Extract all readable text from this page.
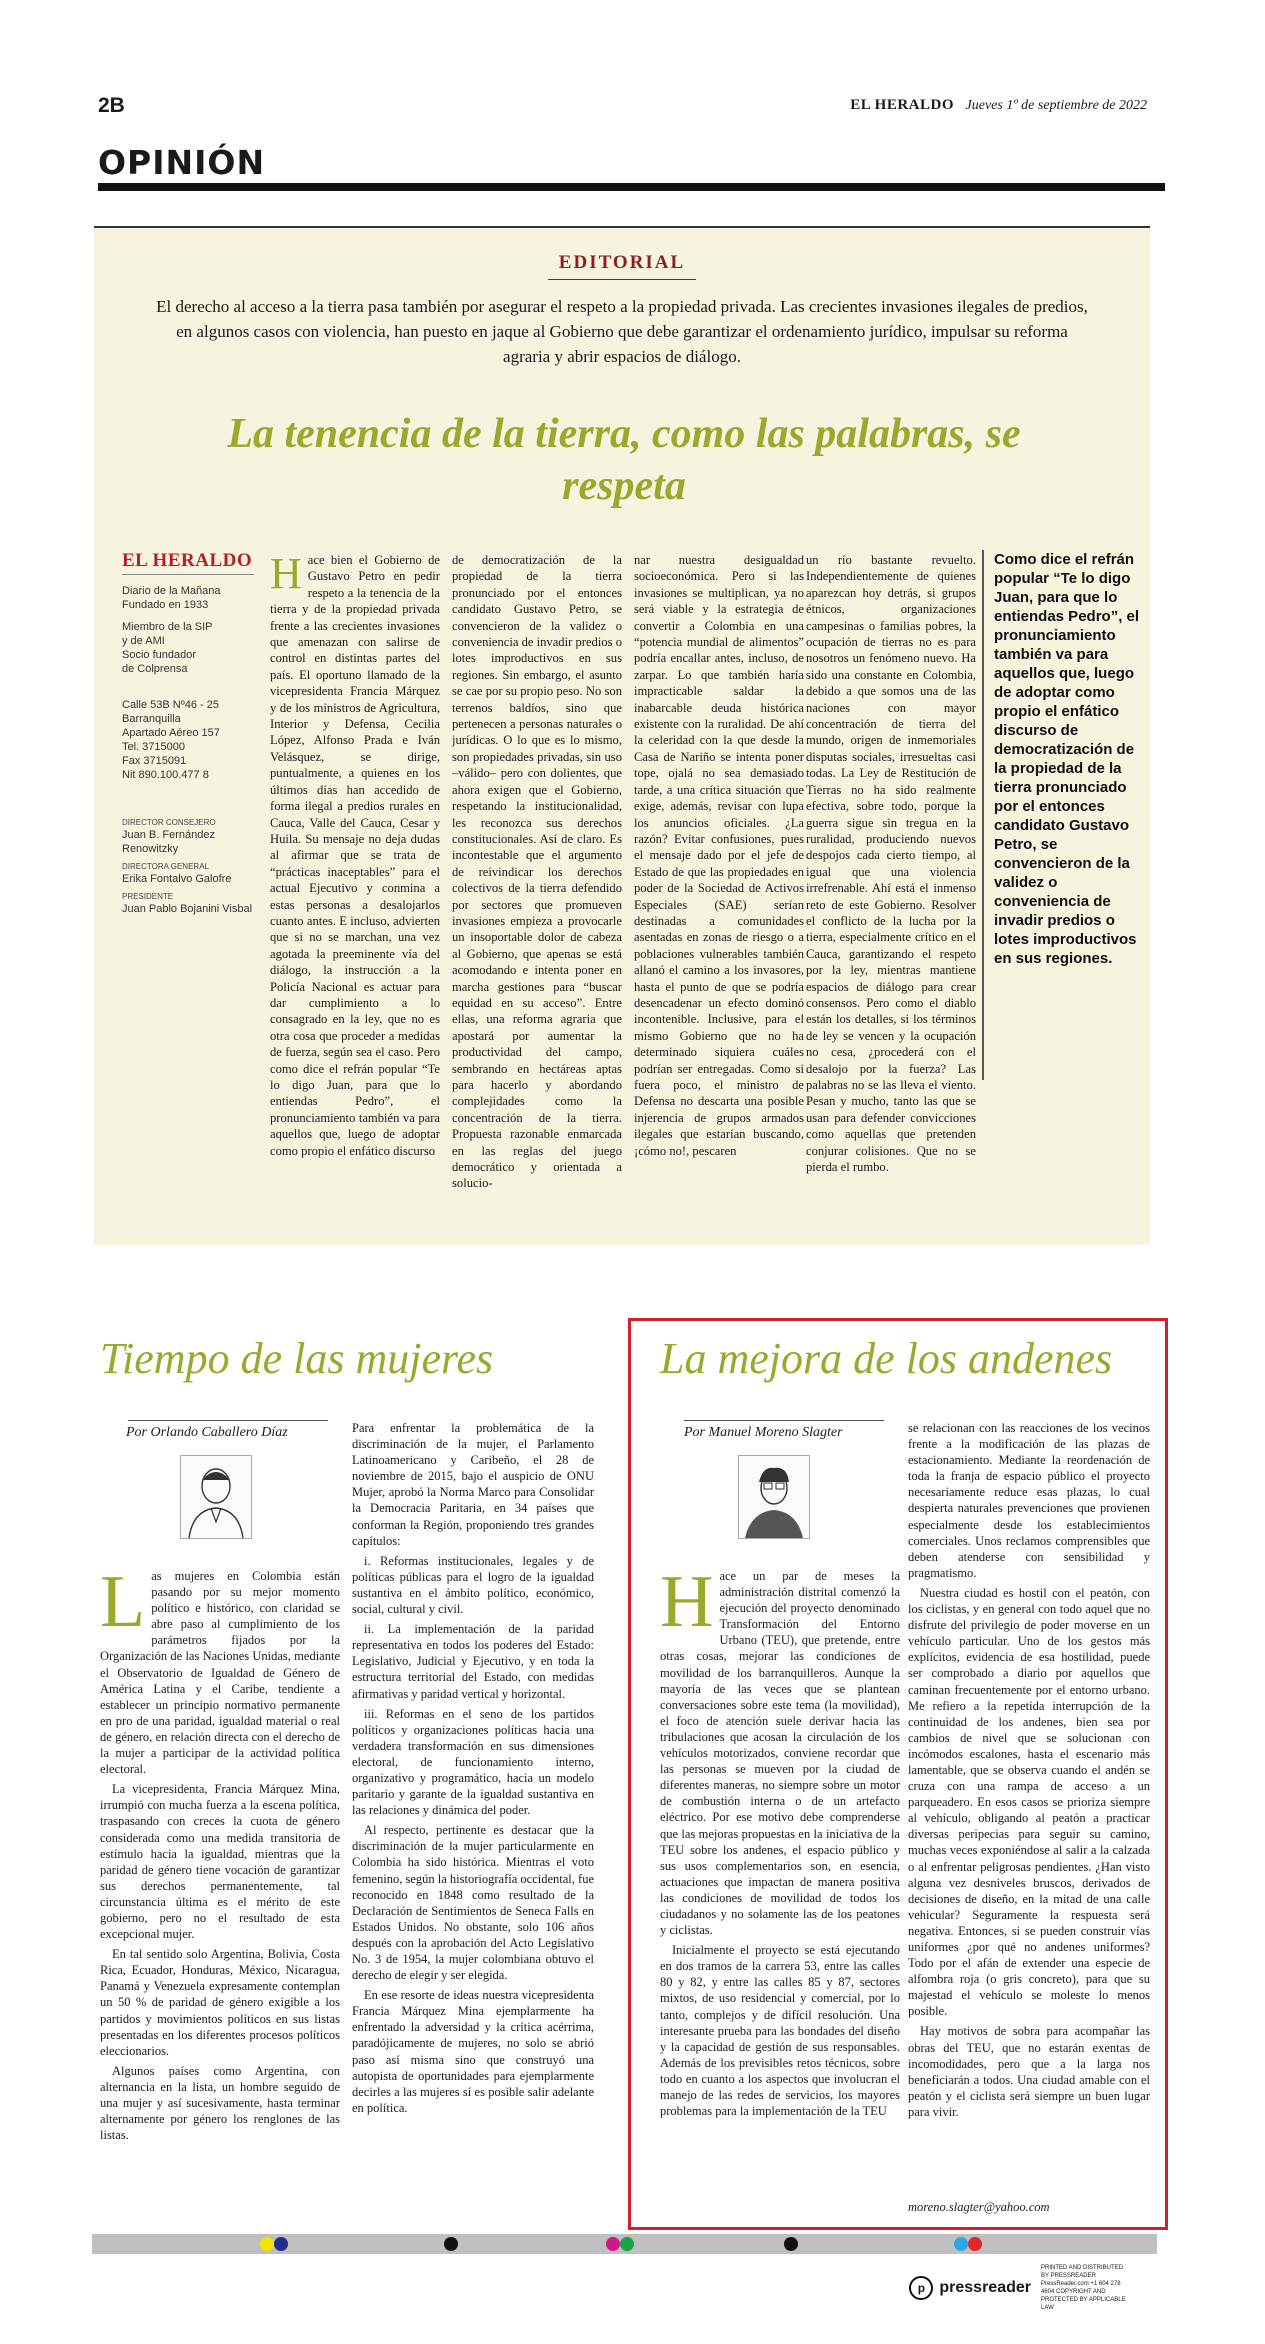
2B	EL HERALDO Jueves 1º de septiembre de 2022
OPINIÓN
EDITORIAL
El derecho al acceso a la tierra pasa también por asegurar el respeto a la propiedad privada. Las crecientes invasiones ilegales de predios, en algunos casos con violencia, han puesto en jaque al Gobierno que debe garantizar el ordenamiento jurídico, impulsar su reforma agraria y abrir espacios de diálogo.
La tenencia de la tierra, como las palabras, se respeta
EL HERALDO
Diario de la Mañana
Fundado en 1933
Miembro de la SIP
y de AMI
Socio fundador
de Colprensa
Calle 53B Nº46 - 25
Barranquilla
Apartado Aéreo 157
Tel. 3715000
Fax 3715091
Nit 890.100.477 8
DIRECTOR CONSEJERO
Juan B. Fernández Renowitzky
DIRECTORA GENERAL
Erika Fontalvo Galofre
PRESIDENTE
Juan Pablo Bojanini Visbal

Hace bien el Gobierno de Gustavo Petro en pedir respeto a la tenencia de la tierra y de la propiedad privada frente a las crecientes invasiones que amenazan con salirse de control en distintas partes del país. El oportuno llamado de la vicepresidenta Francia Márquez y de los ministros de Agricultura, Interior y Defensa, Cecilia López, Alfonso Prada e Iván Velásquez, se dirige, puntualmente, a quienes en los últimos días han accedido de forma ilegal a predios rurales en Cauca, Valle del Cauca, Cesar y Huila. Su mensaje no deja dudas al afirmar que se trata de “prácticas inaceptables” para el actual Ejecutivo y conmina a estas personas a desalojarlos cuanto antes. E incluso, advierten que si no se marchan, una vez agotada la preeminente vía del diálogo, la instrucción a la Policía Nacional es actuar para dar cumplimiento a lo consagrado en la ley, que no es otra cosa que proceder a medidas de fuerza, según sea el caso. Pero como dice el refrán popular “Te lo digo Juan, para que lo entiendas Pedro”, el pronunciamiento también va para aquellos que, luego de adoptar como propio el enfático discurso

de democratización de la propiedad de la tierra pronunciado por el entonces candidato Gustavo Petro, se convencieron de la validez o conveniencia de invadir predios o lotes improductivos en sus regiones. Sin embargo, el asunto se cae por su propio peso. No son terrenos baldíos, sino que pertenecen a personas naturales o jurídicas. O lo que es lo mismo, son propiedades privadas, sin uso –válido– pero con dolientes, que ahora exigen que el Gobierno, respetando la institucionalidad, les reconozca sus derechos constitucionales. Así de claro. Es incontestable que el argumento de reivindicar los derechos colectivos de la tierra defendido por sectores que promueven invasiones empieza a provocarle un insoportable dolor de cabeza al Gobierno, que apenas se está acomodando e intenta poner en marcha gestiones para “buscar equidad en su acceso”. Entre ellas, una reforma agraria que apostará por aumentar la productividad del campo, sembrando en hectáreas aptas para hacerlo y abordando complejidades como la concentración de la tierra. Propuesta razonable enmarcada en las reglas del juego democrático y orientada a solucio-

nar nuestra desigualdad socioeconómica. Pero si las invasiones se multiplican, ya no será viable y la estrategia de convertir a Colombia en una “potencia mundial de alimentos” podría encallar antes, incluso, de zarpar. Lo que también haría impracticable saldar la inabarcable deuda histórica existente con la ruralidad. De ahí la celeridad con la que desde la Casa de Nariño se intenta poner tope, ojalá no sea demasiado tarde, a una crítica situación que exige, además, revisar con lupa los anuncios oficiales. ¿La razón? Evitar confusiones, pues el mensaje dado por el jefe de Estado de que las propiedades en poder de la Sociedad de Activos Especiales (SAE) serían destinadas a comunidades asentadas en zonas de riesgo o a poblaciones vulnerables también allanó el camino a los invasores, hasta el punto de que se podría desencadenar un efecto dominó incontenible. Inclusive, para el mismo Gobierno que no ha determinado siquiera cuáles podrían ser entregadas. Como si fuera poco, el ministro de Defensa no descarta una posible injerencia de grupos armados ilegales que estarían buscando, ¡cómo no!, pescaren

un río bastante revuelto. Independientemente de quienes aparezcan hoy detrás, si grupos étnicos, organizaciones campesinas o familias pobres, la ocupación de tierras no es para nosotros un fenómeno nuevo. Ha sido una constante en Colombia, debido a que somos una de las naciones con mayor concentración de tierra del mundo, origen de inmemoriales disputas sociales, irresueltas casi todas. La Ley de Restitución de Tierras no ha sido realmente efectiva, sobre todo, porque la guerra sigue sin tregua en la ruralidad, produciendo nuevos despojos cada cierto tiempo, al igual que una violencia irrefrenable. Ahí está el inmenso reto de este Gobierno. Resolver el conflicto de la lucha por la tierra, especialmente crítico en el Cauca, garantizando el respeto por la ley, mientras mantiene espacios de diálogo para crear consensos. Pero como el diablo están los detalles, si los términos de ley se vencen y la ocupación no cesa, ¿procederá con el desalojo por la fuerza? Las palabras no se las lleva el viento. Pesan y mucho, tanto las que se usan para defender convicciones como aquellas que pretenden conjurar colisiones. Que no se pierda el rumbo.

Como dice el refrán popular “Te lo digo Juan, para que lo entiendas Pedro”, el pronunciamiento también va para aquellos que, luego de adoptar como propio el enfático discurso de democratización de la propiedad de la tierra pronunciado por el entonces candidato Gustavo Petro, se convencieron de la validez o conveniencia de invadir predios o lotes improductivos en sus regiones.
Tiempo de las mujeres
Por Orlando Caballero Díaz

Las mujeres en Colombia están pasando por su mejor momento político e histórico, con claridad se abre paso al cumplimiento de los parámetros fijados por la Organización de las Naciones Unidas, mediante el Observatorio de Igualdad de Género de América Latina y el Caribe, tendiente a establecer un principio normativo permanente en pro de una paridad, igualdad material o real de género, en relación directa con el derecho de la mujer a participar de la actividad política electoral.

La vicepresidenta, Francia Márquez Mina, irrumpió con mucha fuerza a la escena política, traspasando con creces la cuota de género considerada como una medida transitoria de estímulo hacia la igualdad, mientras que la paridad de género tiene vocación de garantizar sus derechos permanentemente, tal circunstancia última es el mérito de este gobierno, pero no el resultado de esta excepcional mujer.

En tal sentido solo Argentina, Bolivia, Costa Rica, Ecuador, Honduras, México, Nicaragua, Panamá y Venezuela expresamente contemplan un 50 % de paridad de género exigible a los partidos y movimientos políticos en sus listas presentadas en los diferentes procesos políticos eleccionarios.

Algunos países como Argentina, con alternancia en la lista, un hombre seguido de una mujer y así sucesivamente, hasta terminar alternamente por género los renglones de las listas.

Para enfrentar la problemática de la discriminación de la mujer, el Parlamento Latinoamericano y Caribeño, el 28 de noviembre de 2015, bajo el auspicio de ONU Mujer, aprobó la Norma Marco para Consolidar la Democracia Paritaria, en 34 países que conforman la Región, proponiendo tres grandes capítulos:

i. Reformas institucionales, legales y de políticas públicas para el logro de la igualdad sustantiva en el ámbito político, económico, social, cultural y civil.

ii. La implementación de la paridad representativa en todos los poderes del Estado: Legislativo, Judicial y Ejecutivo, y en toda la estructura territorial del Estado, con medidas afirmativas y paridad vertical y horizontal.

iii. Reformas en el seno de los partidos políticos y organizaciones políticas hacia una verdadera transformación en sus dimensiones electoral, de funcionamiento interno, organizativo y programático, hacia un modelo paritario y garante de la igualdad sustantiva en las relaciones y dinámica del poder.

Al respecto, pertinente es destacar que la discriminación de la mujer particularmente en Colombia ha sido histórica. Mientras el voto femenino, según la historiografía occidental, fue reconocido en 1848 como resultado de la Declaración de Sentimientos de Seneca Falls en Estados Unidos. No obstante, solo 106 años después con la aprobación del Acto Legislativo No. 3 de 1954, la mujer colombiana obtuvo el derecho de elegir y ser elegida.

En ese resorte de ideas nuestra vicepresidenta Francia Márquez Mina ejemplarmente ha enfrentado la adversidad y la crítica acérrima, paradójicamente de mujeres, no solo se abrió paso así misma sino que construyó una autopista de oportunidades para ejemplarmente decirles a las mujeres sí es posible salir adelante en política.

La mejora de los andenes
Por Manuel Moreno Slagter

Hace un par de meses la administración distrital comenzó la ejecución del proyecto denominado Transformación del Entorno Urbano (TEU), que pretende, entre otras cosas, mejorar las condiciones de movilidad de los barranquilleros. Aunque la mayoría de las veces que se plantean conversaciones sobre este tema (la movilidad), el foco de atención suele derivar hacia las tribulaciones que acosan la circulación de los vehículos motorizados, conviene recordar que las personas se mueven por la ciudad de diferentes maneras, no siempre sobre un motor de combustión interna o de un artefacto eléctrico. Por ese motivo debe comprenderse que las mejoras propuestas en la iniciativa de la TEU sobre los andenes, el espacio público y sus usos complementarios son, en esencia, actuaciones que impactan de manera positiva las condiciones de movilidad de todos los ciudadanos y no solamente las de los peatones y ciclistas.

Inicialmente el proyecto se está ejecutando en dos tramos de la carrera 53, entre las calles 80 y 82, y entre las calles 85 y 87, sectores mixtos, de uso residencial y comercial, por lo tanto, complejos y de difícil resolución. Una interesante prueba para las bondades del diseño y la capacidad de gestión de sus responsables. Además de los previsibles retos técnicos, sobre todo en cuanto a los aspectos que involucran el manejo de las redes de servicios, los mayores problemas para la implementación de la TEU

se relacionan con las reacciones de los vecinos frente a la modificación de las plazas de estacionamiento. Mediante la reordenación de toda la franja de espacio público el proyecto necesariamente reduce esas plazas, lo cual despierta naturales prevenciones que provienen especialmente desde los establecimientos comerciales. Unos reclamos comprensibles que deben atenderse con sensibilidad y pragmatismo.

Nuestra ciudad es hostil con el peatón, con los ciclistas, y en general con todo aquel que no disfrute del privilegio de poder moverse en un vehículo particular. Uno de los gestos más explícitos, evidencia de esa hostilidad, puede ser comprobado a diario por aquellos que caminan frecuentemente por el entorno urbano. Me refiero a la repetida interrupción de la continuidad de los andenes, bien sea por cambios de nivel que se solucionan con incómodos escalones, hasta el escenario más lamentable, que se observa cuando el andén se cruza con una rampa de acceso a un parqueadero. En esos casos se prioriza siempre al vehículo, obligando al peatón a practicar diversas peripecias para seguir su camino, muchas veces exponiéndose al salir a la calzada o al enfrentar peligrosas pendientes. ¿Han visto alguna vez desniveles bruscos, derivados de decisiones de diseño, en la mitad de una calle vehicular? Seguramente la respuesta será negativa. Entonces, si se pueden construir vías uniformes ¿por qué no andenes uniformes? Todo por el afán de extender una especie de alfombra roja (o gris concreto), para que su majestad el vehículo se moleste lo menos posible.

Hay motivos de sobra para acompañar las obras del TEU, que no estarán exentas de incomodidades, pero que a la larga nos beneficiarán a todos. Una ciudad amable con el peatón y el ciclista será siempre un buen lugar para vivir.

moreno.slagter@yahoo.com
p pressreader
PRINTED AND DISTRIBUTED BY PRESSREADER PressReader.com +1 604 278 4604 COPYRIGHT AND PROTECTED BY APPLICABLE LAW
